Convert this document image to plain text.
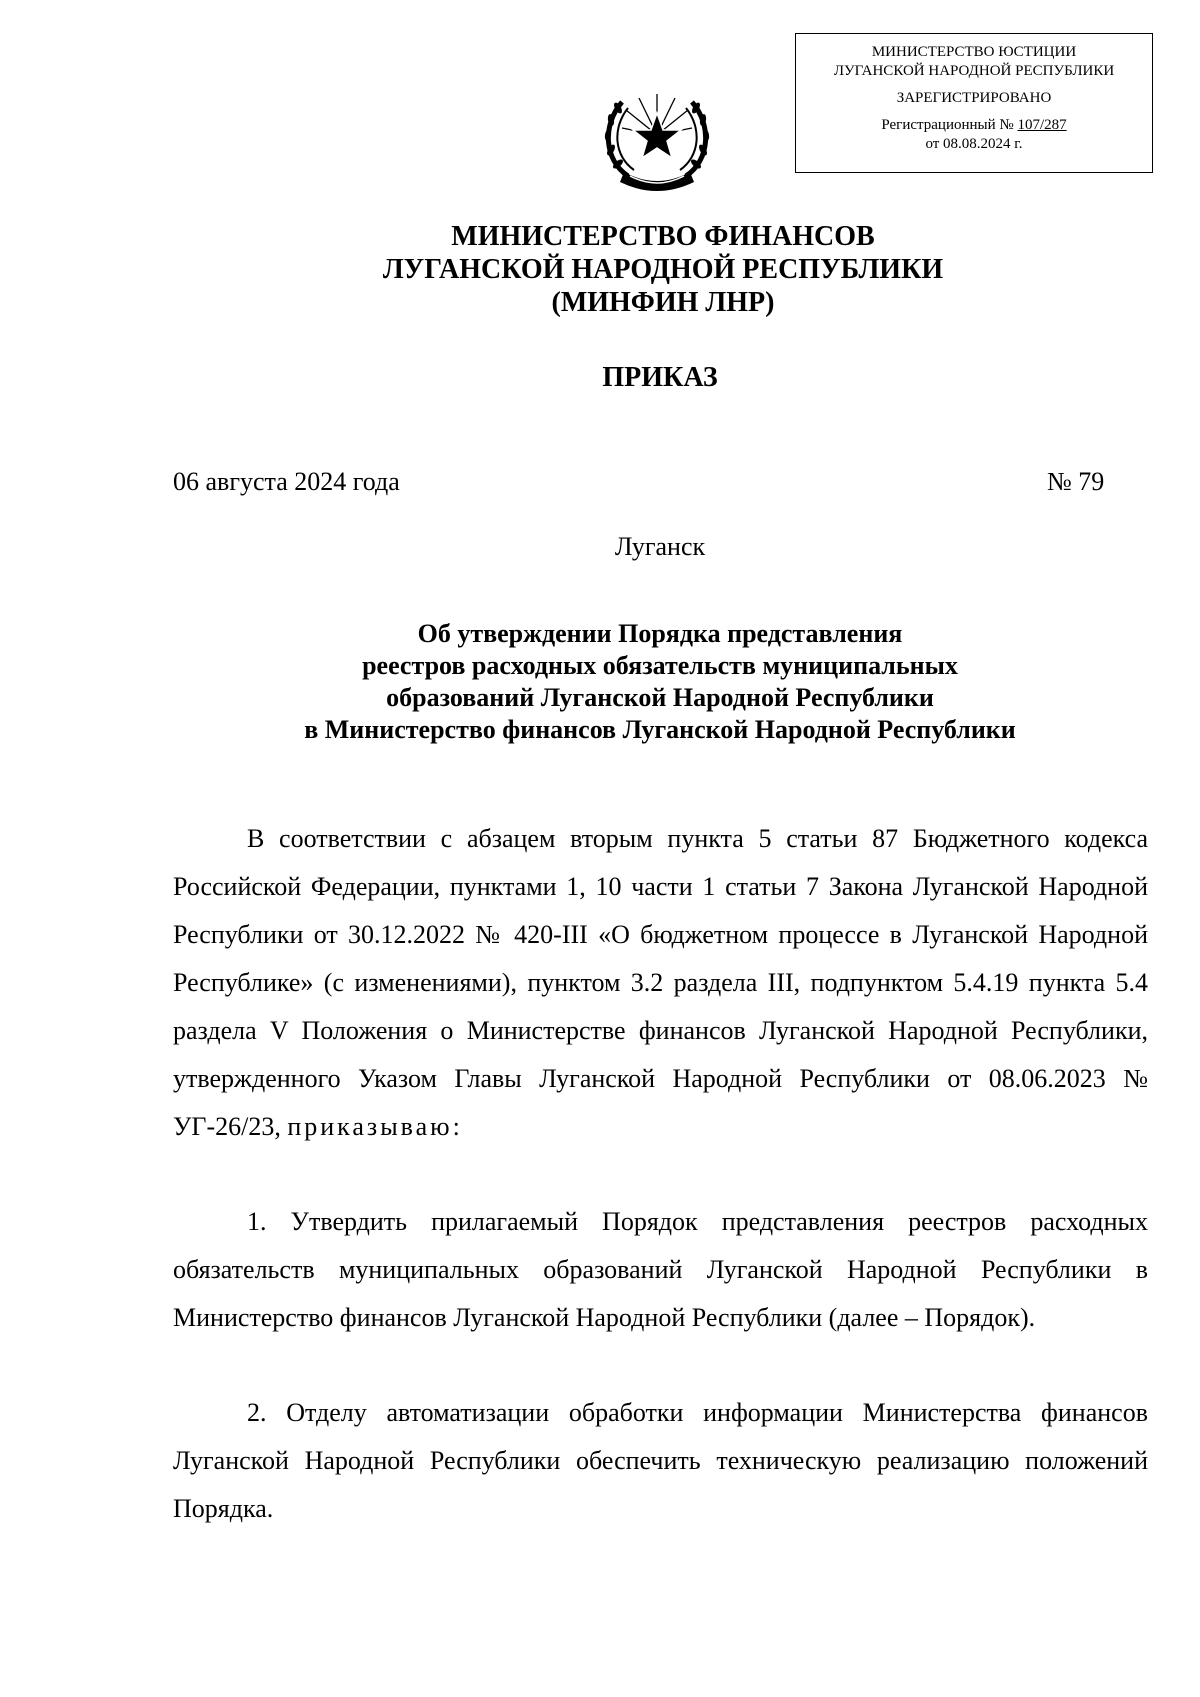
МИНИСТЕРСТВО ЮСТИЦИИ
ЛУГАНСКОЙ НАРОДНОЙ РЕСПУБЛИКИ
ЗАРЕГИСТРИРОВАНО
Регистрационный № 107/287
от 08.08.2024 г.
МИНИСТЕРСТВО ФИНАНСОВ
ЛУГАНСКОЙ НАРОДНОЙ РЕСПУБЛИКИ
(МИНФИН ЛНР)
ПРИКАЗ
06 августа 2024 года	№ 79
Луганск
Об утверждении Порядка представления
реестров расходных обязательств муниципальных
образований Луганской Народной Республики
в Министерство финансов Луганской Народной Республики

В соответствии с абзацем вторым пункта 5 статьи 87 Бюджетного кодекса Российской Федерации, пунктами 1, 10 части 1 статьи 7 Закона Луганской Народной Республики от 30.12.2022 № 420-III «О бюджетном процессе в Луганской Народной Республике» (с изменениями), пунктом 3.2 раздела III, подпунктом 5.4.19 пункта 5.4 раздела V Положения о Министерстве финансов Луганской Народной Республики, утвержденного Указом Главы Луганской Народной Республики от 08.06.2023 № УГ-26/23, приказываю:

1. Утвердить прилагаемый Порядок представления реестров расходных обязательств муниципальных образований Луганской Народной Республики в Министерство финансов Луганской Народной Республики (далее – Порядок).

2. Отделу автоматизации обработки информации Министерства финансов Луганской Народной Республики обеспечить техническую реализацию положений Порядка.
